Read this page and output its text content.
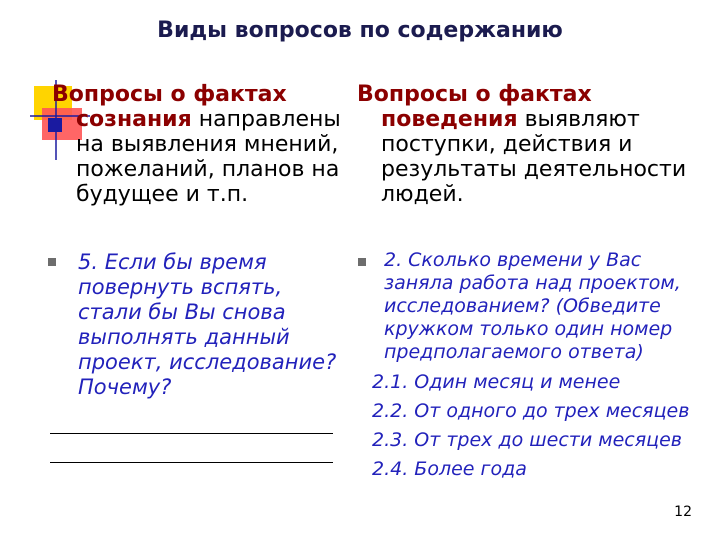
Виды вопросов по содержанию
Вопросы о фактах
сознания направлены
на выявления мнений,
пожеланий, планов на
будущее и т.п.
Вопросы о фактах
поведения выявляют
поступки, действия и
результаты деятельности
людей.
5. Если бы время
повернуть вспять,
стали бы Вы снова
выполнять данный
проект, исследование?
Почему?
2. Сколько времени у Вас
заняла работа над проектом,
исследованием? (Обведите
кружком только один номер
предполагаемого ответа)
2.1. Один месяц и менее
2.2. От одного до трех месяцев
2.3. От трех до шести месяцев
2.4. Более года
12
